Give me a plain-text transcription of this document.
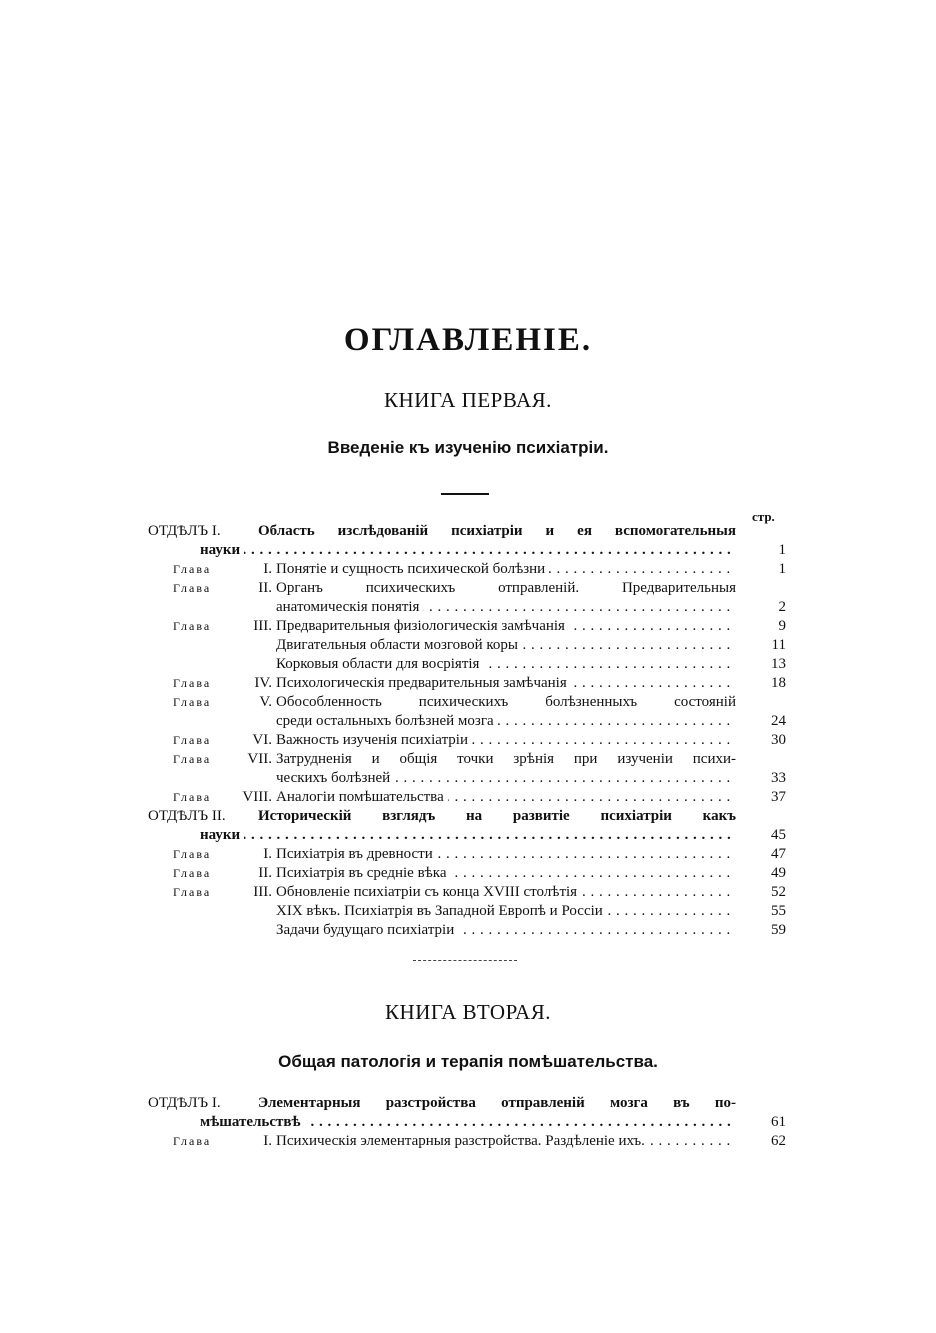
ОГЛАВЛЕНІЕ.
КНИГА ПЕРВАЯ.
Введеніе къ изученію психіатріи.
стр.
ОТДѢЛЪ I. Область изслѣдованій психіатріи и ея вспомогательныя
науки . . .	1
Глава	I. Понятіе и сущность психической болѣзни . . .	1
Глава	II. Органъ психическихъ отправленій. Предварительныя
анатомическія понятія . . .	2
Глава	III. Предварительныя физіологическія замѣчанія . . .	9
Двигательныя области мозговой коры . . .	11
Корковыя области для восріятія . . .	13
Глава	IV. Психологическія предварительныя замѣчанія . . .	18
Глава	V. Обособленность психическихъ болѣзненныхъ состояній
среди остальныхъ болѣзней мозга . . .	24
Глава	VI. Важность изученія психіатріи . . .	30
Глава	VII. Затрудненія и общія точки зрѣнія при изученіи психи-
ческихъ болѣзней . . .	33
Глава VIII. Аналогіи помѣшательства . . .	37
ОТДѢЛЪ II. Историческій взглядъ на развитіе психіатріи какъ
науки . . .	45
Глава	I. Психіатрія въ древности . . .	47
Глава	II. Психіатрія въ средніе вѣка . . .	49
Глава	III. Обновленіе психіатріи съ конца XVIII столѣтія . . .	52
XIX вѣкъ. Психіатрія въ Западной Европѣ и Россіи . . .	55
Задачи будущаго психіатріи . . .	59
КНИГА ВТОРАЯ.
Общая патологія и терапія помѣшательства.
ОТДѢЛЪ I. Элементарныя разстройства отправленій мозга въ по-
мѣшательствѣ . . .	61
Глава	I. Психическія элементарныя разстройства. Раздѣленіе ихъ. . . .	62
